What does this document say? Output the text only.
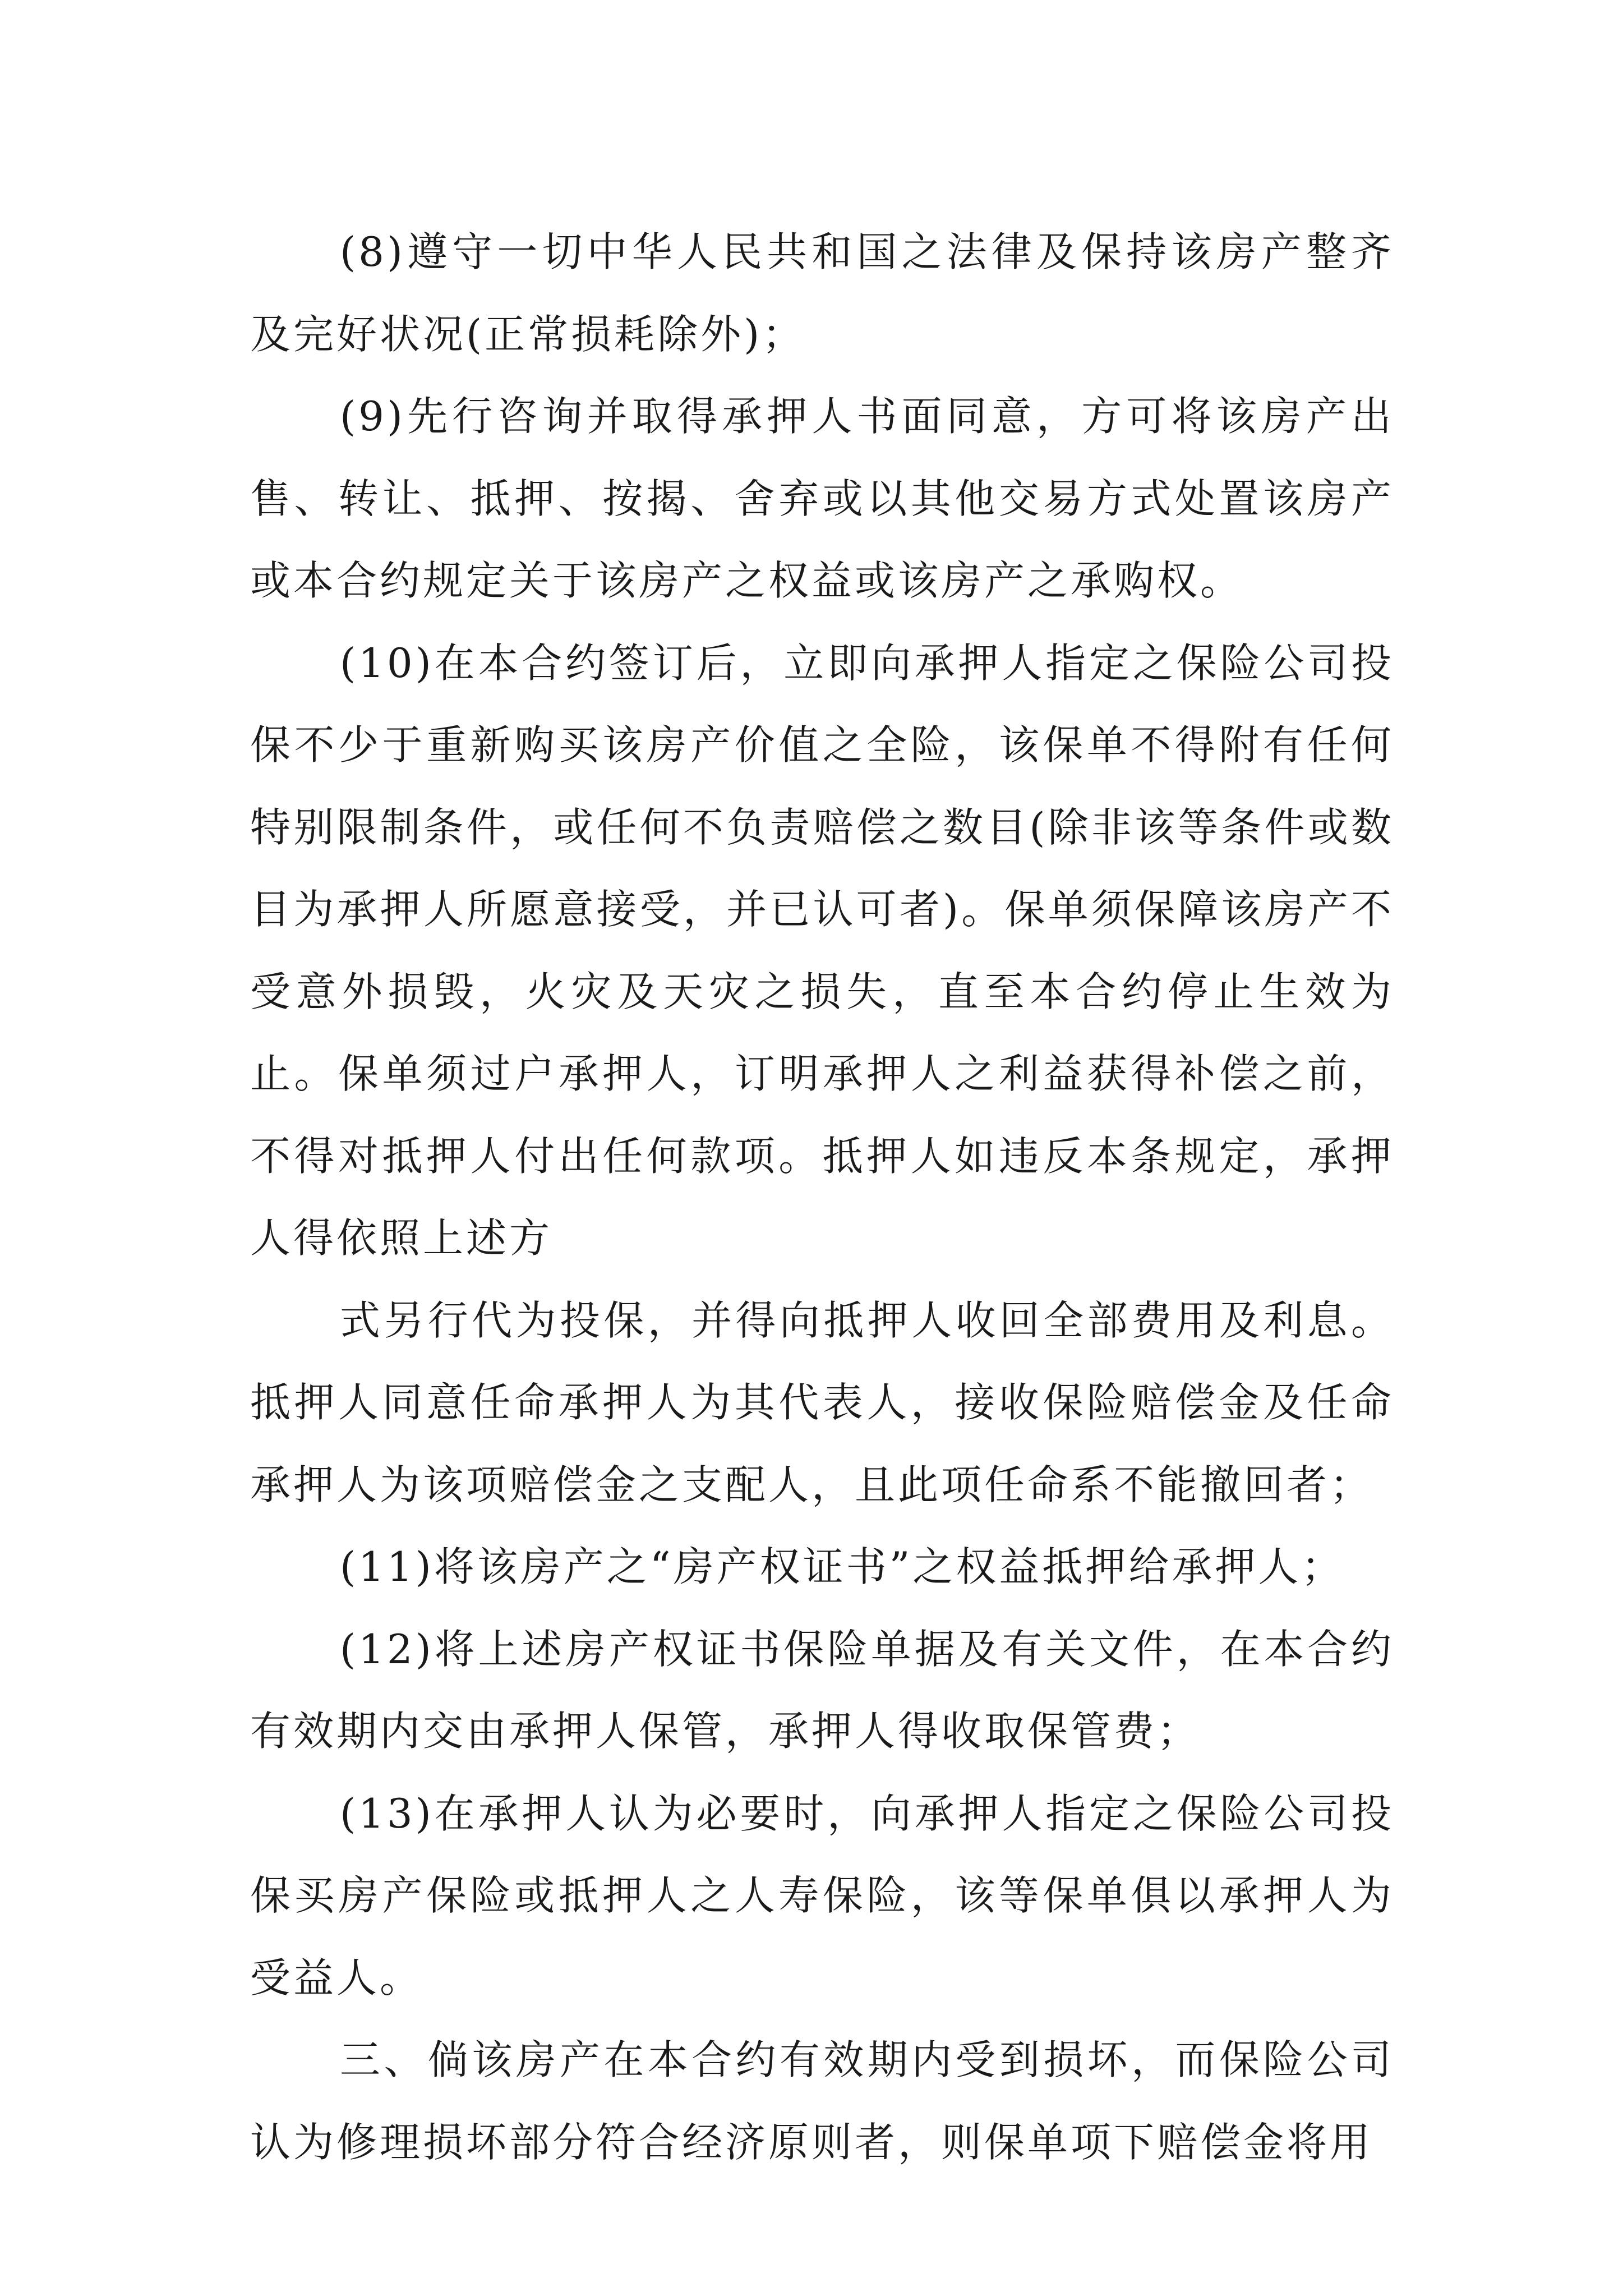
(8)遵守一切中华人民共和国之法律及保持该房产整齐及完好状况(正常损耗除外)；

(9)先行咨询并取得承押人书面同意，方可将该房产出售、转让、抵押、按揭、舍弃或以其他交易方式处置该房产或本合约规定关于该房产之权益或该房产之承购权。

(10)在本合约签订后，立即向承押人指定之保险公司投保不少于重新购买该房产价值之全险，该保单不得附有任何特别限制条件，或任何不负责赔偿之数目(除非该等条件或数目为承押人所愿意接受，并已认可者)。保单须保障该房产不受意外损毁，火灾及天灾之损失，直至本合约停止生效为止。保单须过户承押人，订明承押人之利益获得补偿之前，不得对抵押人付出任何款项。抵押人如违反本条规定，承押人得依照上述方

式另行代为投保，并得向抵押人收回全部费用及利息。抵押人同意任命承押人为其代表人，接收保险赔偿金及任命承押人为该项赔偿金之支配人，且此项任命系不能撤回者；

(11)将该房产之“房产权证书”之权益抵押给承押人；

(12)将上述房产权证书保险单据及有关文件，在本合约有效期内交由承押人保管，承押人得收取保管费；

(13)在承押人认为必要时，向承押人指定之保险公司投保买房产保险或抵押人之人寿保险，该等保单俱以承押人为受益人。

三、倘该房产在本合约有效期内受到损坏，而保险公司认为修理损坏部分符合经济原则者，则保单项下赔偿金将用
